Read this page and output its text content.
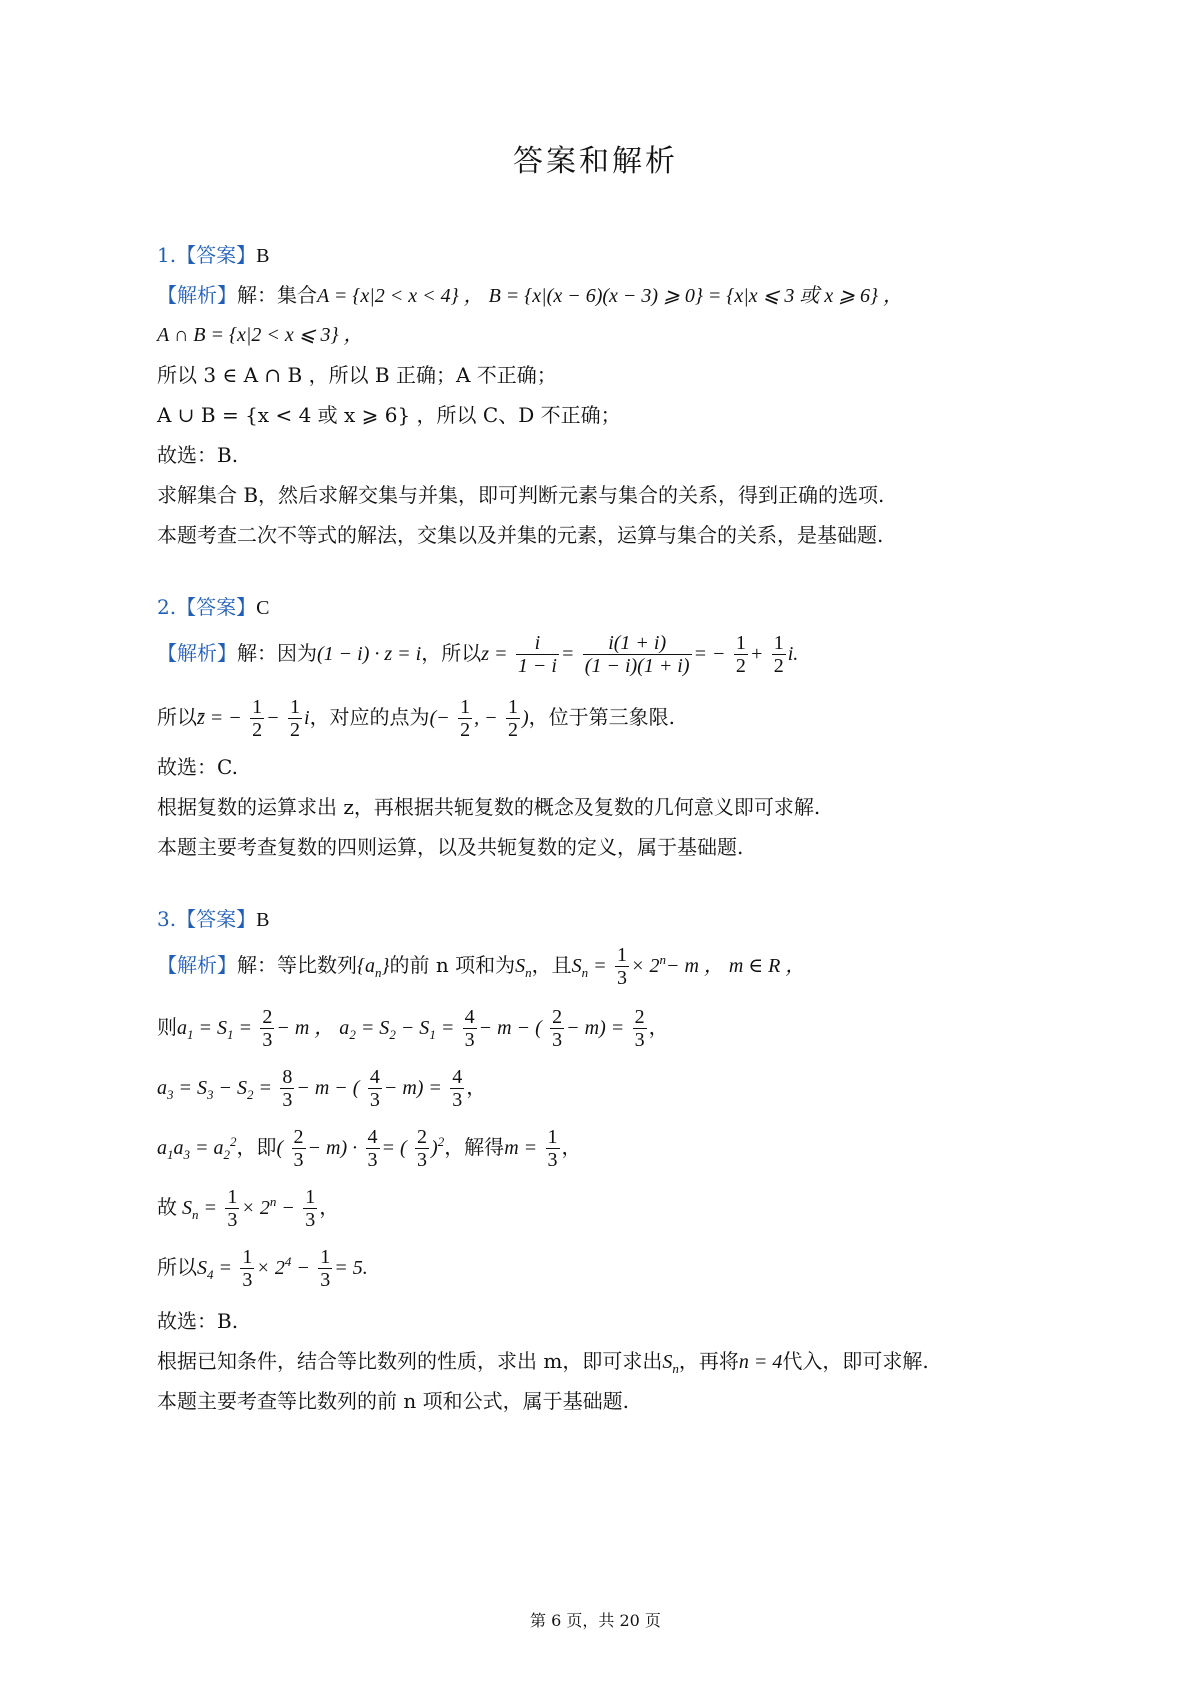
答案和解析
1.【答案】B
【解析】解：集合A = {x|2 < x < 4} ， B = {x|(x − 6)(x − 3) ⩾ 0} = {x|x ⩽ 3 或 x ⩾ 6} ，
A ∩ B = {x|2 < x ⩽ 3} ，
所以 3 ∈ A ∩ B ，所以 B 正确；A 不正确；
A ∪ B = {x < 4 或 x ⩾ 6} ，所以 C、D 不正确；
故选：B.
求解集合 B，然后求解交集与并集，即可判断元素与集合的关系，得到正确的选项.
本题考查二次不等式的解法，交集以及并集的元素，运算与集合的关系，是基础题.
2.【答案】C
【解析】解：因为(1 − i) · z = i，所以$z = \frac{i}{1 - i} = \frac{i(1 + i)}{(1 - i)(1 + i)}$ = − $\frac{1}{2} + \frac{1}{2} i$.
所以z̄ = − $\frac{1}{2} - \frac{1}{2}$ i，对应的点为(− $\frac{1}{2}$ , − $\frac{1}{2}$ )，位于第三象限.
故选：C.
根据复数的运算求出 z，再根据共轭复数的概念及复数的几何意义即可求解.
本题主要考查复数的四则运算，以及共轭复数的定义，属于基础题.
3.【答案】B
【解析】解：等比数列$\{a_n\}$的前 n 项和为$S_n$，且$S_n = \frac{1}{3} \times 2^n- m$ ， m ∈ R ，
则$a_1 = S_1 = \frac{2}{3} - m$ ， $a_2 = S_2 - S_1 = \frac{4}{3} - m$ − ( $\frac{2}{3} - m) = \frac{2}{3}$ ，
$a_3 = S_3 - S_2 = \frac{8}{3} - m$ − ( $\frac{4}{3} - m) = \frac{4}{3}$ ，
$a_1a_3 = a_2^2$，即( $\frac{2}{3} - m) \cdot \frac{4}{3}$ = ( $\frac{2}{3} )^2$，解得$m = \frac{1}{3}$ ，
故 $S_n = \frac{1}{3} \times 2^n - \frac{1}{3}$ ，
所以$S_4 = \frac{1}{3} \times 2^4 - \frac{1}{3} = 5$.
故选：B.
根据已知条件，结合等比数列的性质，求出 m，即可求出$S_n$，再将n = 4代入，即可求解.
本题主要考查等比数列的前 n 项和公式，属于基础题.
第 6 页，共 20 页
